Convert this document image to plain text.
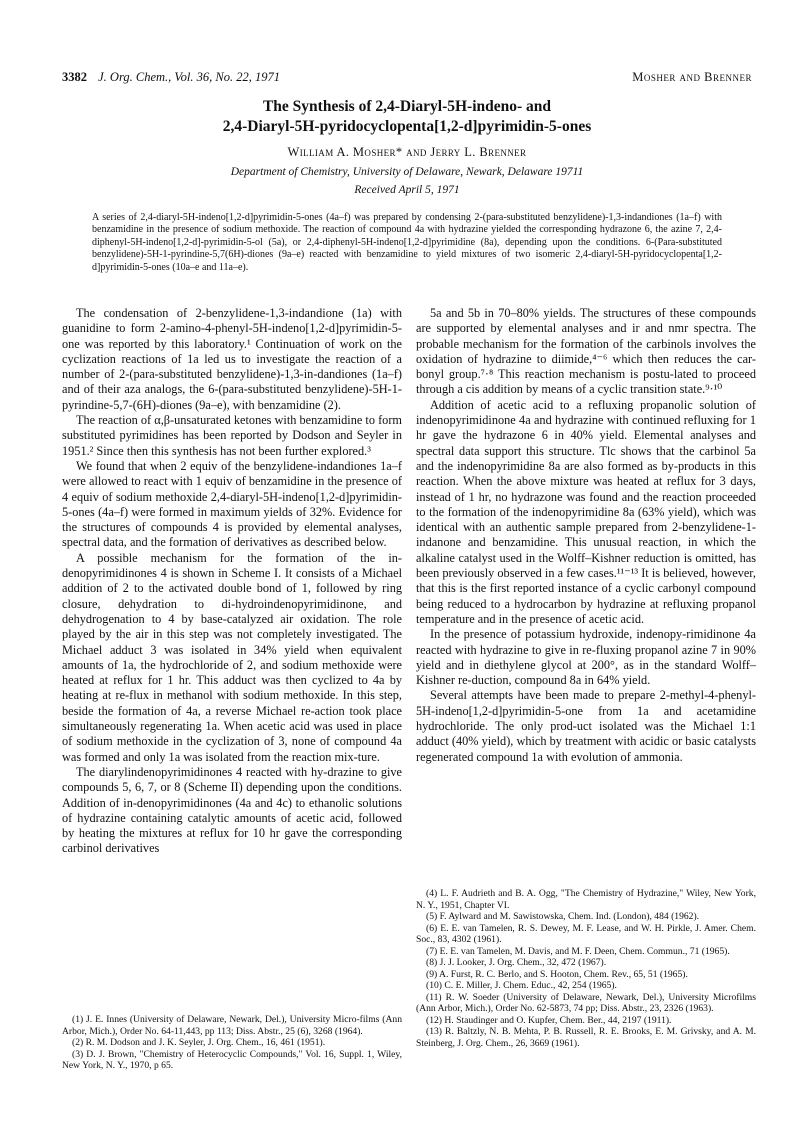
3382 J. Org. Chem., Vol. 36, No. 22, 1971	Mosher and Brenner
The Synthesis of 2,4-Diaryl-5H-indeno- and
2,4-Diaryl-5H-pyridocyclopenta[1,2-d]pyrimidin-5-ones
William A. Mosher* and Jerry L. Brenner
Department of Chemistry, University of Delaware, Newark, Delaware 19711
Received April 5, 1971
A series of 2,4-diaryl-5H-indeno[1,2-d]pyrimidin-5-ones (4a–f) was prepared by condensing 2-(para-substituted benzylidene)-1,3-indandiones (1a–f) with benzamidine in the presence of sodium methoxide. The reaction of compound 4a with hydrazine yielded the corresponding hydrazone 6, the azine 7, 2,4-diphenyl-5H-indeno[1,2-d]-pyrimidin-5-ol (5a), or 2,4-diphenyl-5H-indeno[1,2-d]pyrimidine (8a), depending upon the conditions. 6-(Para-substituted benzylidene)-5H-1-pyrindine-5,7(6H)-diones (9a–e) reacted with benzamidine to yield mixtures of two isomeric 2,4-diaryl-5H-pyridocyclopenta[1,2-d]pyrimidin-5-ones (10a–e and 11a–e).

The condensation of 2-benzylidene-1,3-indandione (1a) with guanidine to form 2-amino-4-phenyl-5H-indeno[1,2-d]pyrimidin-5-one was reported by this laboratory.¹ Continuation of work on the cyclization reactions of 1a led us to investigate the reaction of a number of 2-(para-substituted benzylidene)-1,3-in-dandiones (1a–f) and of their aza analogs, the 6-(para-substituted benzylidene)-5H-1-pyrindine-5,7-(6H)-diones (9a–e), with benzamidine (2).

The reaction of α,β-unsaturated ketones with benzamidine to form substituted pyrimidines has been reported by Dodson and Seyler in 1951.² Since then this synthesis has not been further explored.³

We found that when 2 equiv of the benzylidene-indandiones 1a–f were allowed to react with 1 equiv of benzamidine in the presence of 4 equiv of sodium methoxide 2,4-diaryl-5H-indeno[1,2-d]pyrimidin-5-ones (4a–f) were formed in maximum yields of 32%. Evidence for the structures of compounds 4 is provided by elemental analyses, spectral data, and the formation of derivatives as described below.

A possible mechanism for the formation of the in-denopyrimidinones 4 is shown in Scheme I. It consists of a Michael addition of 2 to the activated double bond of 1, followed by ring closure, dehydration to di-hydroindenopyrimidinone, and dehydrogenation to 4 by base-catalyzed air oxidation. The role played by the air in this step was not completely investigated. The Michael adduct 3 was isolated in 34% yield when equivalent amounts of 1a, the hydrochloride of 2, and sodium methoxide were heated at reflux for 1 hr. This adduct was then cyclized to 4a by heating at re-flux in methanol with sodium methoxide. In this step, beside the formation of 4a, a reverse Michael re-action took place simultaneously regenerating 1a. When acetic acid was used in place of sodium methoxide in the cyclization of 3, none of compound 4a was formed and only 1a was isolated from the reaction mix-ture.

The diarylindenopyrimidinones 4 reacted with hy-drazine to give compounds 5, 6, 7, or 8 (Scheme II) depending upon the conditions. Addition of in-denopyrimidinones (4a and 4c) to ethanolic solutions of hydrazine containing catalytic amounts of acetic acid, followed by heating the mixtures at reflux for 10 hr gave the corresponding carbinol derivatives

5a and 5b in 70–80% yields. The structures of these compounds are supported by elemental analyses and ir and nmr spectra. The probable mechanism for the formation of the carbinols involves the oxidation of hydrazine to diimide,⁴⁻⁶ which then reduces the car-bonyl group.⁷·⁸ This reaction mechanism is postu-lated to proceed through a cis addition by means of a cyclic transition state.⁹·¹⁰

Addition of acetic acid to a refluxing propanolic solution of indenopyrimidinone 4a and hydrazine with continued refluxing for 1 hr gave the hydrazone 6 in 40% yield. Elemental analyses and spectral data support this structure. Tlc shows that the carbinol 5a and the indenopyrimidine 8a are also formed as by-products in this reaction. When the above mixture was heated at reflux for 3 days, instead of 1 hr, no hydrazone was found and the reaction proceeded to the formation of the indenopyrimidine 8a (63% yield), which was identical with an authentic sample prepared from 2-benzylidene-1-indanone and benzamidine. This unusual reaction, in which the alkaline catalyst used in the Wolff–Kishner reduction is omitted, has been previously observed in a few cases.¹¹⁻¹³ It is believed, however, that this is the first reported instance of a cyclic carbonyl compound being reduced to a hydrocarbon by hydrazine at refluxing propanol temperature and in the presence of acetic acid.

In the presence of potassium hydroxide, indenopy-rimidinone 4a reacted with hydrazine to give in re-fluxing propanol azine 7 in 90% yield and in diethylene glycol at 200°, as in the standard Wolff–Kishner re-duction, compound 8a in 64% yield.

Several attempts have been made to prepare 2-methyl-4-phenyl-5H-indeno[1,2-d]pyrimidin-5-one from 1a and acetamidine hydrochloride. The only prod-uct isolated was the Michael 1:1 adduct (40% yield), which by treatment with acidic or basic catalysts regenerated compound 1a with evolution of ammonia.

(1) J. E. Innes (University of Delaware, Newark, Del.), University Micro-films (Ann Arbor, Mich.), Order No. 64-11,443, pp 113; Diss. Abstr., 25 (6), 3268 (1964).

(2) R. M. Dodson and J. K. Seyler, J. Org. Chem., 16, 461 (1951).

(3) D. J. Brown, "Chemistry of Heterocyclic Compounds," Vol. 16, Suppl. 1, Wiley, New York, N. Y., 1970, p 65.

(4) L. F. Audrieth and B. A. Ogg, "The Chemistry of Hydrazine," Wiley, New York, N. Y., 1951, Chapter VI.

(5) F. Aylward and M. Sawistowska, Chem. Ind. (London), 484 (1962).

(6) E. E. van Tamelen, R. S. Dewey, M. F. Lease, and W. H. Pirkle, J. Amer. Chem. Soc., 83, 4302 (1961).

(7) E. E. van Tamelen, M. Davis, and M. F. Deen, Chem. Commun., 71 (1965).

(8) J. J. Looker, J. Org. Chem., 32, 472 (1967).

(9) A. Furst, R. C. Berlo, and S. Hooton, Chem. Rev., 65, 51 (1965).

(10) C. E. Miller, J. Chem. Educ., 42, 254 (1965).

(11) R. W. Soeder (University of Delaware, Newark, Del.), University Microfilms (Ann Arbor, Mich.), Order No. 62-5873, 74 pp; Diss. Abstr., 23, 2326 (1963).

(12) H. Staudinger and O. Kupfer, Chem. Ber., 44, 2197 (1911).

(13) R. Baltzly, N. B. Mehta, P. B. Russell, R. E. Brooks, E. M. Grivsky, and A. M. Steinberg, J. Org. Chem., 26, 3669 (1961).
